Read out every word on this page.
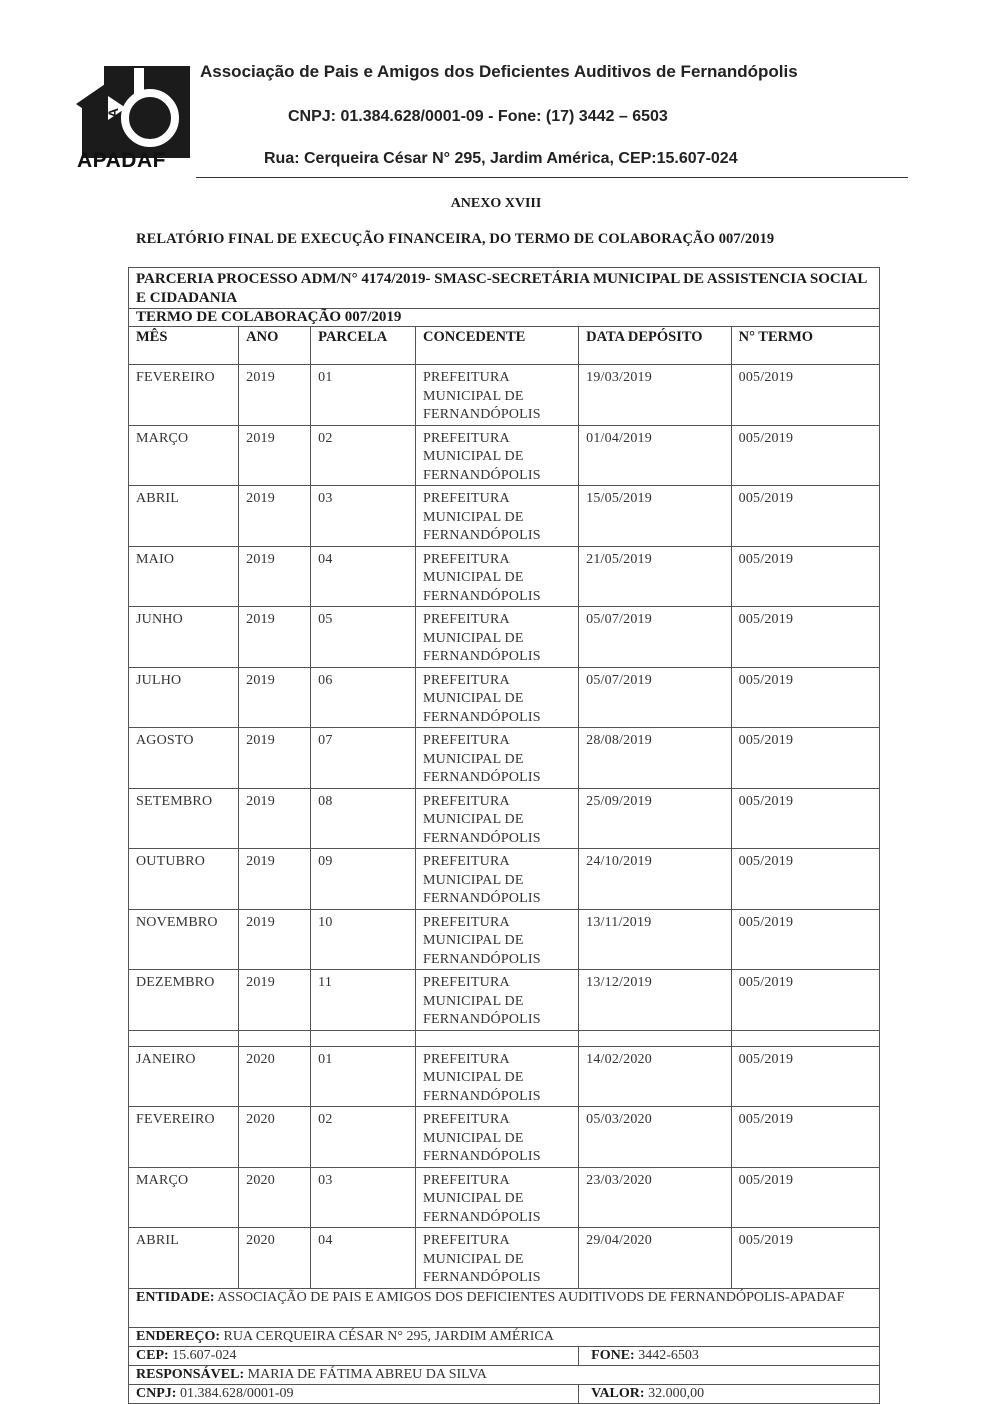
A
APADAF
Associação de Pais e Amigos dos Deficientes Auditivos de Fernandópolis
CNPJ: 01.384.628/0001-09 - Fone: (17) 3442 – 6503
Rua: Cerqueira César N° 295, Jardim América, CEP:15.607-024
ANEXO XVIII
RELATÓRIO FINAL DE EXECUÇÃO FINANCEIRA, DO TERMO DE COLABORAÇÃO 007/2019
PARCERIA PROCESSO ADM/N° 4174/2019- SMASC-SECRETÁRIA MUNICIPAL DE ASSISTENCIA SOCIAL E CIDADANIA					
TERMO DE COLABORAÇÃO 007/2019					
MÊS	ANO	PARCELA	CONCEDENTE	DATA DEPÓSITO	N° TERMO
FEVEREIRO	2019	01	PREFEITURA MUNICIPAL DE FERNANDÓPOLIS	19/03/2019	005/2019
MARÇO	2019	02	PREFEITURA MUNICIPAL DE FERNANDÓPOLIS	01/04/2019	005/2019
ABRIL	2019	03	PREFEITURA MUNICIPAL DE FERNANDÓPOLIS	15/05/2019	005/2019
MAIO	2019	04	PREFEITURA MUNICIPAL DE FERNANDÓPOLIS	21/05/2019	005/2019
JUNHO	2019	05	PREFEITURA MUNICIPAL DE FERNANDÓPOLIS	05/07/2019	005/2019
JULHO	2019	06	PREFEITURA MUNICIPAL DE FERNANDÓPOLIS	05/07/2019	005/2019
AGOSTO	2019	07	PREFEITURA MUNICIPAL DE FERNANDÓPOLIS	28/08/2019	005/2019
SETEMBRO	2019	08	PREFEITURA MUNICIPAL DE FERNANDÓPOLIS	25/09/2019	005/2019
OUTUBRO	2019	09	PREFEITURA MUNICIPAL DE FERNANDÓPOLIS	24/10/2019	005/2019
NOVEMBRO	2019	10	PREFEITURA MUNICIPAL DE FERNANDÓPOLIS	13/11/2019	005/2019
DEZEMBRO	2019	11	PREFEITURA MUNICIPAL DE FERNANDÓPOLIS	13/12/2019	005/2019

JANEIRO	2020	01	PREFEITURA MUNICIPAL DE FERNANDÓPOLIS	14/02/2020	005/2019
FEVEREIRO	2020	02	PREFEITURA MUNICIPAL DE FERNANDÓPOLIS	05/03/2020	005/2019
MARÇO	2020	03	PREFEITURA MUNICIPAL DE FERNANDÓPOLIS	23/03/2020	005/2019
ABRIL	2020	04	PREFEITURA MUNICIPAL DE FERNANDÓPOLIS	29/04/2020	005/2019
ENTIDADE: ASSOCIAÇÃO DE PAIS E AMIGOS DOS DEFICIENTES AUDITIVODS DE FERNANDÓPOLIS-APADAF					
ENDEREÇO: RUA CERQUEIRA CÉSAR N° 295, JARDIM AMÉRICA					
CEP: 15.607-024				FONE: 3442-6503	
RESPONSÁVEL: MARIA DE FÁTIMA ABREU DA SILVA					
CNPJ: 01.384.628/0001-09				VALOR: 32.000,00	
